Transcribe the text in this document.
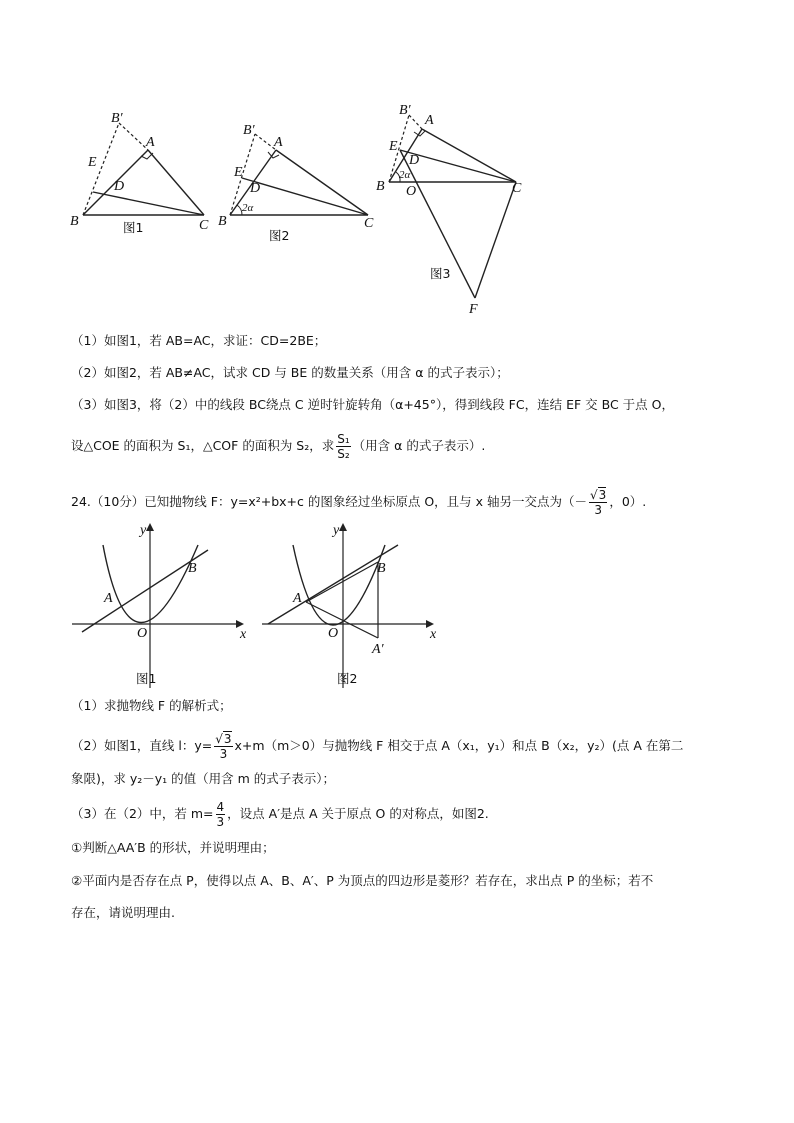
B′
A
E
D
B	C
图1
B′
A
E
D
B	C
2α
图2
B′
A
E
D
B O	C
F
2α
图3
（1）如图1，若 AB=AC，求证：CD=2BE；
（2）如图2，若 AB≠AC，试求 CD 与 BE 的数量关系（用含 α 的式子表示）；
（3）如图3，将（2）中的线段 BC绕点 C 逆时针旋转角（α+45°），得到线段 FC，连结 EF 交 BC 于点 O，
设△COE 的面积为 S₁，△COF 的面积为 S₂，求 $\frac{\text{S₁}}{\text{S₂}}$ （用含 α 的式子表示）.
24.（10分）已知抛物线 F：y=x²+bx+c 的图象经过坐标原点 O，且与 x 轴另一交点为（－ $\frac{√3}{3}$ ，0）.
y
x
O
A
B
图1
y
x
O
A
B
A′
图2
（1）求抛物线 F 的解析式；
（2）如图1，直线 l：$y= \frac{√3}{3} x+m(m>0)$与抛物线 F 相交于点 A（x₁，y₁）和点 B（x₂，y₂）(点 A 在第二
象限)，求 y₂－y₁ 的值（用含 m 的式子表示）；
（3）在（2）中，若 $m= \frac{4}{3}$ ，设点 A′是点 A 关于原点 O 的对称点，如图2.
①判断△AA′B 的形状，并说明理由；
②平面内是否存在点 P，使得以点 A、B、A′、P 为顶点的四边形是菱形？若存在，求出点 P 的坐标；若不
存在，请说明理由.
